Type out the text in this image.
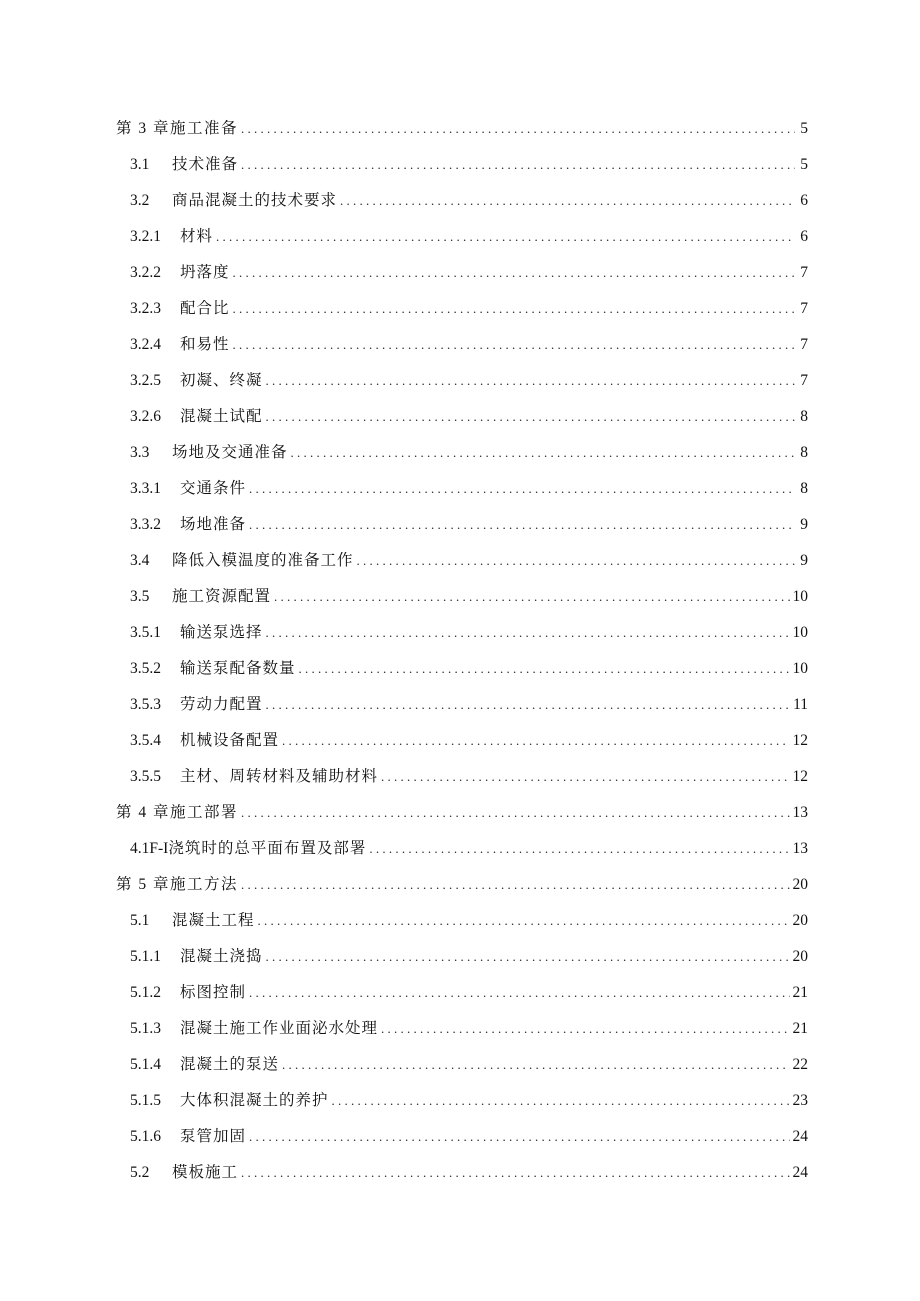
第 3 章施工准备 . . .	5
3.1	技术准备 . . .	5
3.2	商品混凝土的技术要求 . . .	6
3.2.1	材料 . . .	6
3.2.2	坍落度 . . .	7
3.2.3	配合比 . . .	7
3.2.4	和易性 . . .	7
3.2.5	初凝、终凝 . . .	7
3.2.6	混凝土试配 . . .	8
3.3	场地及交通准备 . . .	8
3.3.1	交通条件 . . .	8
3.3.2	场地准备 . . .	9
3.4	降低入模温度的准备工作 . . .	9
3.5	施工资源配置 . . .	10
3.5.1	输送泵选择 . . .	10
3.5.2	输送泵配备数量 . . .	10
3.5.3	劳动力配置 . . .	11
3.5.4	机械设备配置 . . .	12
3.5.5	主材、周转材料及辅助材料 . . .	12
第 4 章施工部署 . . .	13
4.1F-I 浇筑时的总平面布置及部署 . . .	13
第 5 章施工方法 . . .	20
5.1	混凝土工程 . . .	20
5.1.1	混凝土浇捣 . . .	20
5.1.2	标图控制 . . .	21
5.1.3	混凝土施工作业面泌水处理 . . .	21
5.1.4	混凝土的泵送 . . .	22
5.1.5	大体积混凝土的养护 . . .	23
5.1.6	泵管加固 . . .	24
5.2	模板施工 . . .	24
